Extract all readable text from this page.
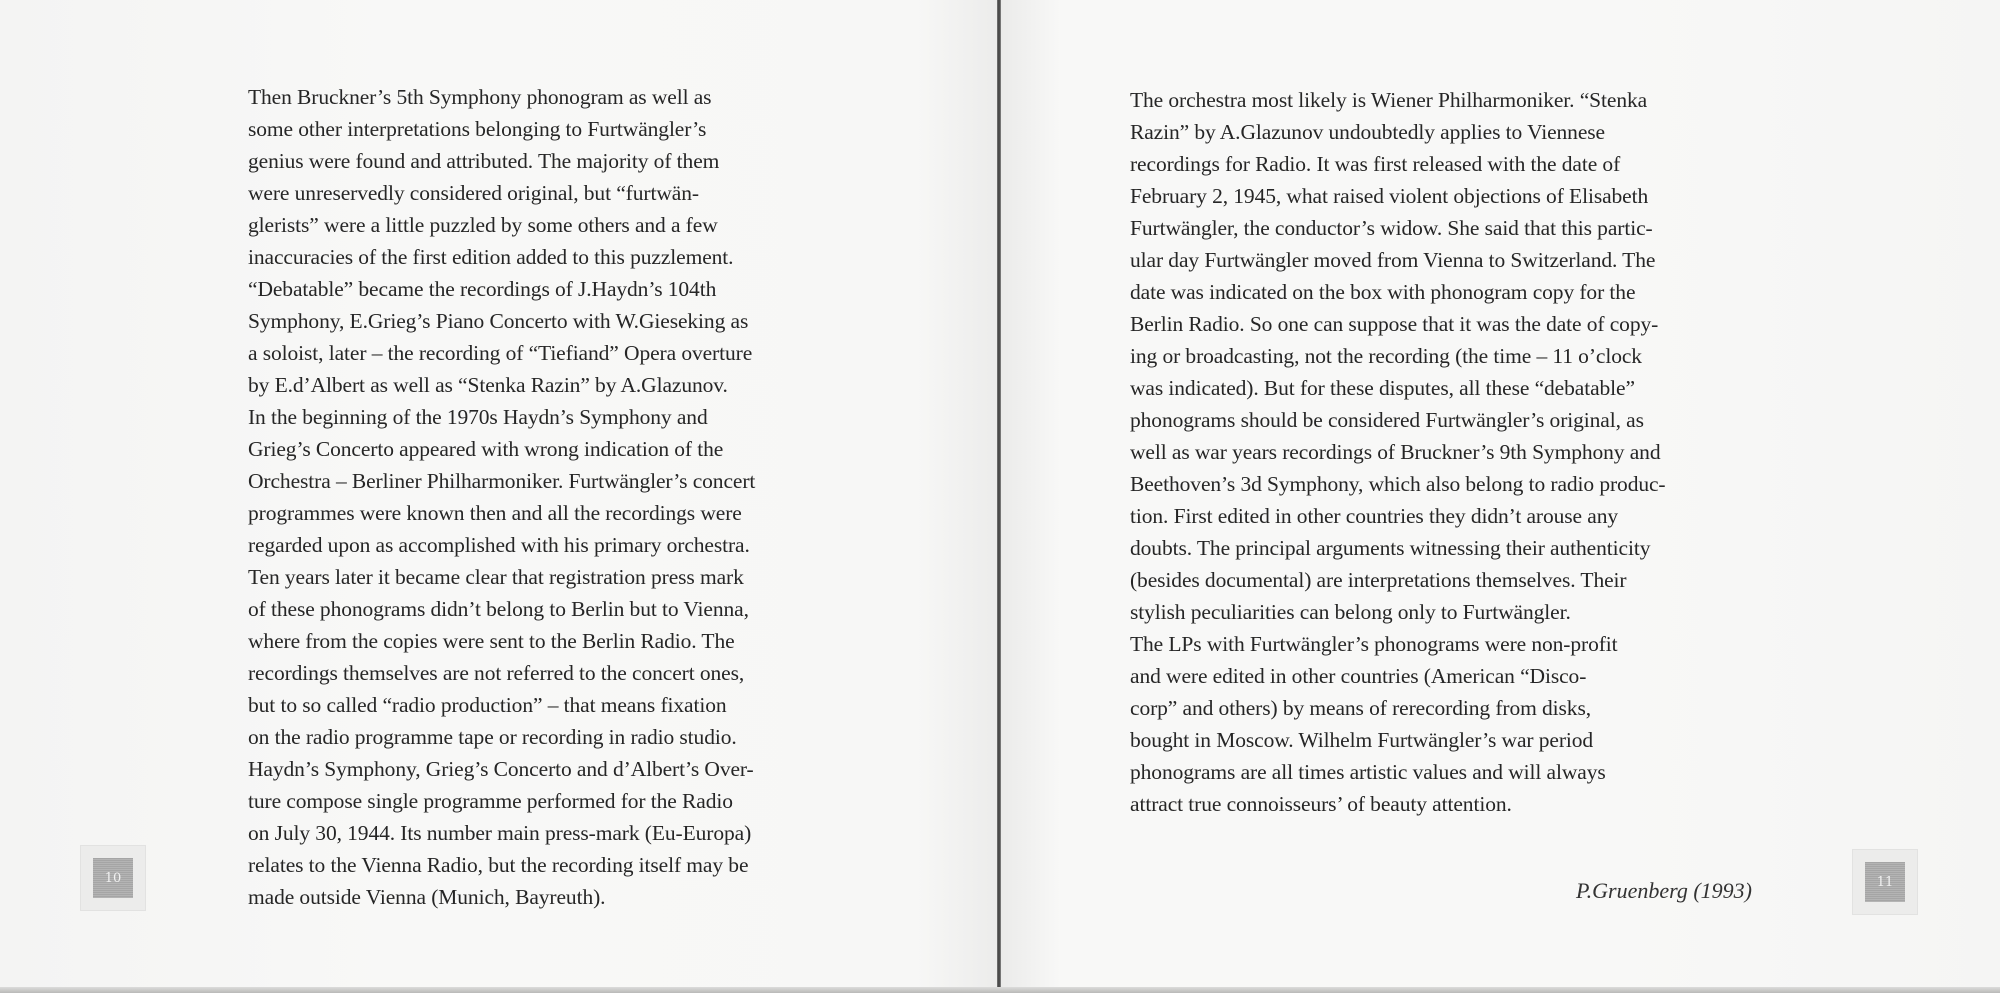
Then Bruckner’s 5th Symphony phonogram as well as
some other interpretations belonging to Furtwängler’s
genius were found and attributed. The majority of them
were unreservedly considered original, but “furtwän-
glerists” were a little puzzled by some others and a few
inaccuracies of the first edition added to this puzzlement.
“Debatable” became the recordings of J.Haydn’s 104th
Symphony, E.Grieg’s Piano Concerto with W.Gieseking as
a soloist, later – the recording of “Tiefiand” Opera overture
by E.d’Albert as well as “Stenka Razin” by A.Glazunov.
In the beginning of the 1970s Haydn’s Symphony and
Grieg’s Concerto appeared with wrong indication of the
Orchestra – Berliner Philharmoniker. Furtwängler’s concert
programmes were known then and all the recordings were
regarded upon as accomplished with his primary orchestra.
Ten years later it became clear that registration press mark
of these phonograms didn’t belong to Berlin but to Vienna,
where from the copies were sent to the Berlin Radio. The
recordings themselves are not referred to the concert ones,
but to so called “radio production” – that means fixation
on the radio programme tape or recording in radio studio.
Haydn’s Symphony, Grieg’s Concerto and d’Albert’s Over-
ture compose single programme performed for the Radio
on July 30, 1944. Its number main press-mark (Eu-Europa)
relates to the Vienna Radio, but the recording itself may be
made outside Vienna (Munich, Bayreuth).
The orchestra most likely is Wiener Philharmoniker. “Stenka
Razin” by A.Glazunov undoubtedly applies to Viennese
recordings for Radio. It was first released with the date of
February 2, 1945, what raised violent objections of Elisabeth
Furtwängler, the conductor’s widow. She said that this partic-
ular day Furtwängler moved from Vienna to Switzerland. The
date was indicated on the box with phonogram copy for the
Berlin Radio. So one can suppose that it was the date of copy-
ing or broadcasting, not the recording (the time – 11 o’clock
was indicated). But for these disputes, all these “debatable”
phonograms should be considered Furtwängler’s original, as
well as war years recordings of Bruckner’s 9th Symphony and
Beethoven’s 3d Symphony, which also belong to radio produc-
tion. First edited in other countries they didn’t arouse any
doubts. The principal arguments witnessing their authenticity
(besides documental) are interpretations themselves. Their
stylish peculiarities can belong only to Furtwängler.
The LPs with Furtwängler’s phonograms were non-profit
and were edited in other countries (American “Disco-
corp” and others) by means of rerecording from disks,
bought in Moscow. Wilhelm Furtwängler’s war period
phonograms are all times artistic values and will always
attract true connoisseurs’ of beauty attention.
P.Gruenberg (1993)
10	11
